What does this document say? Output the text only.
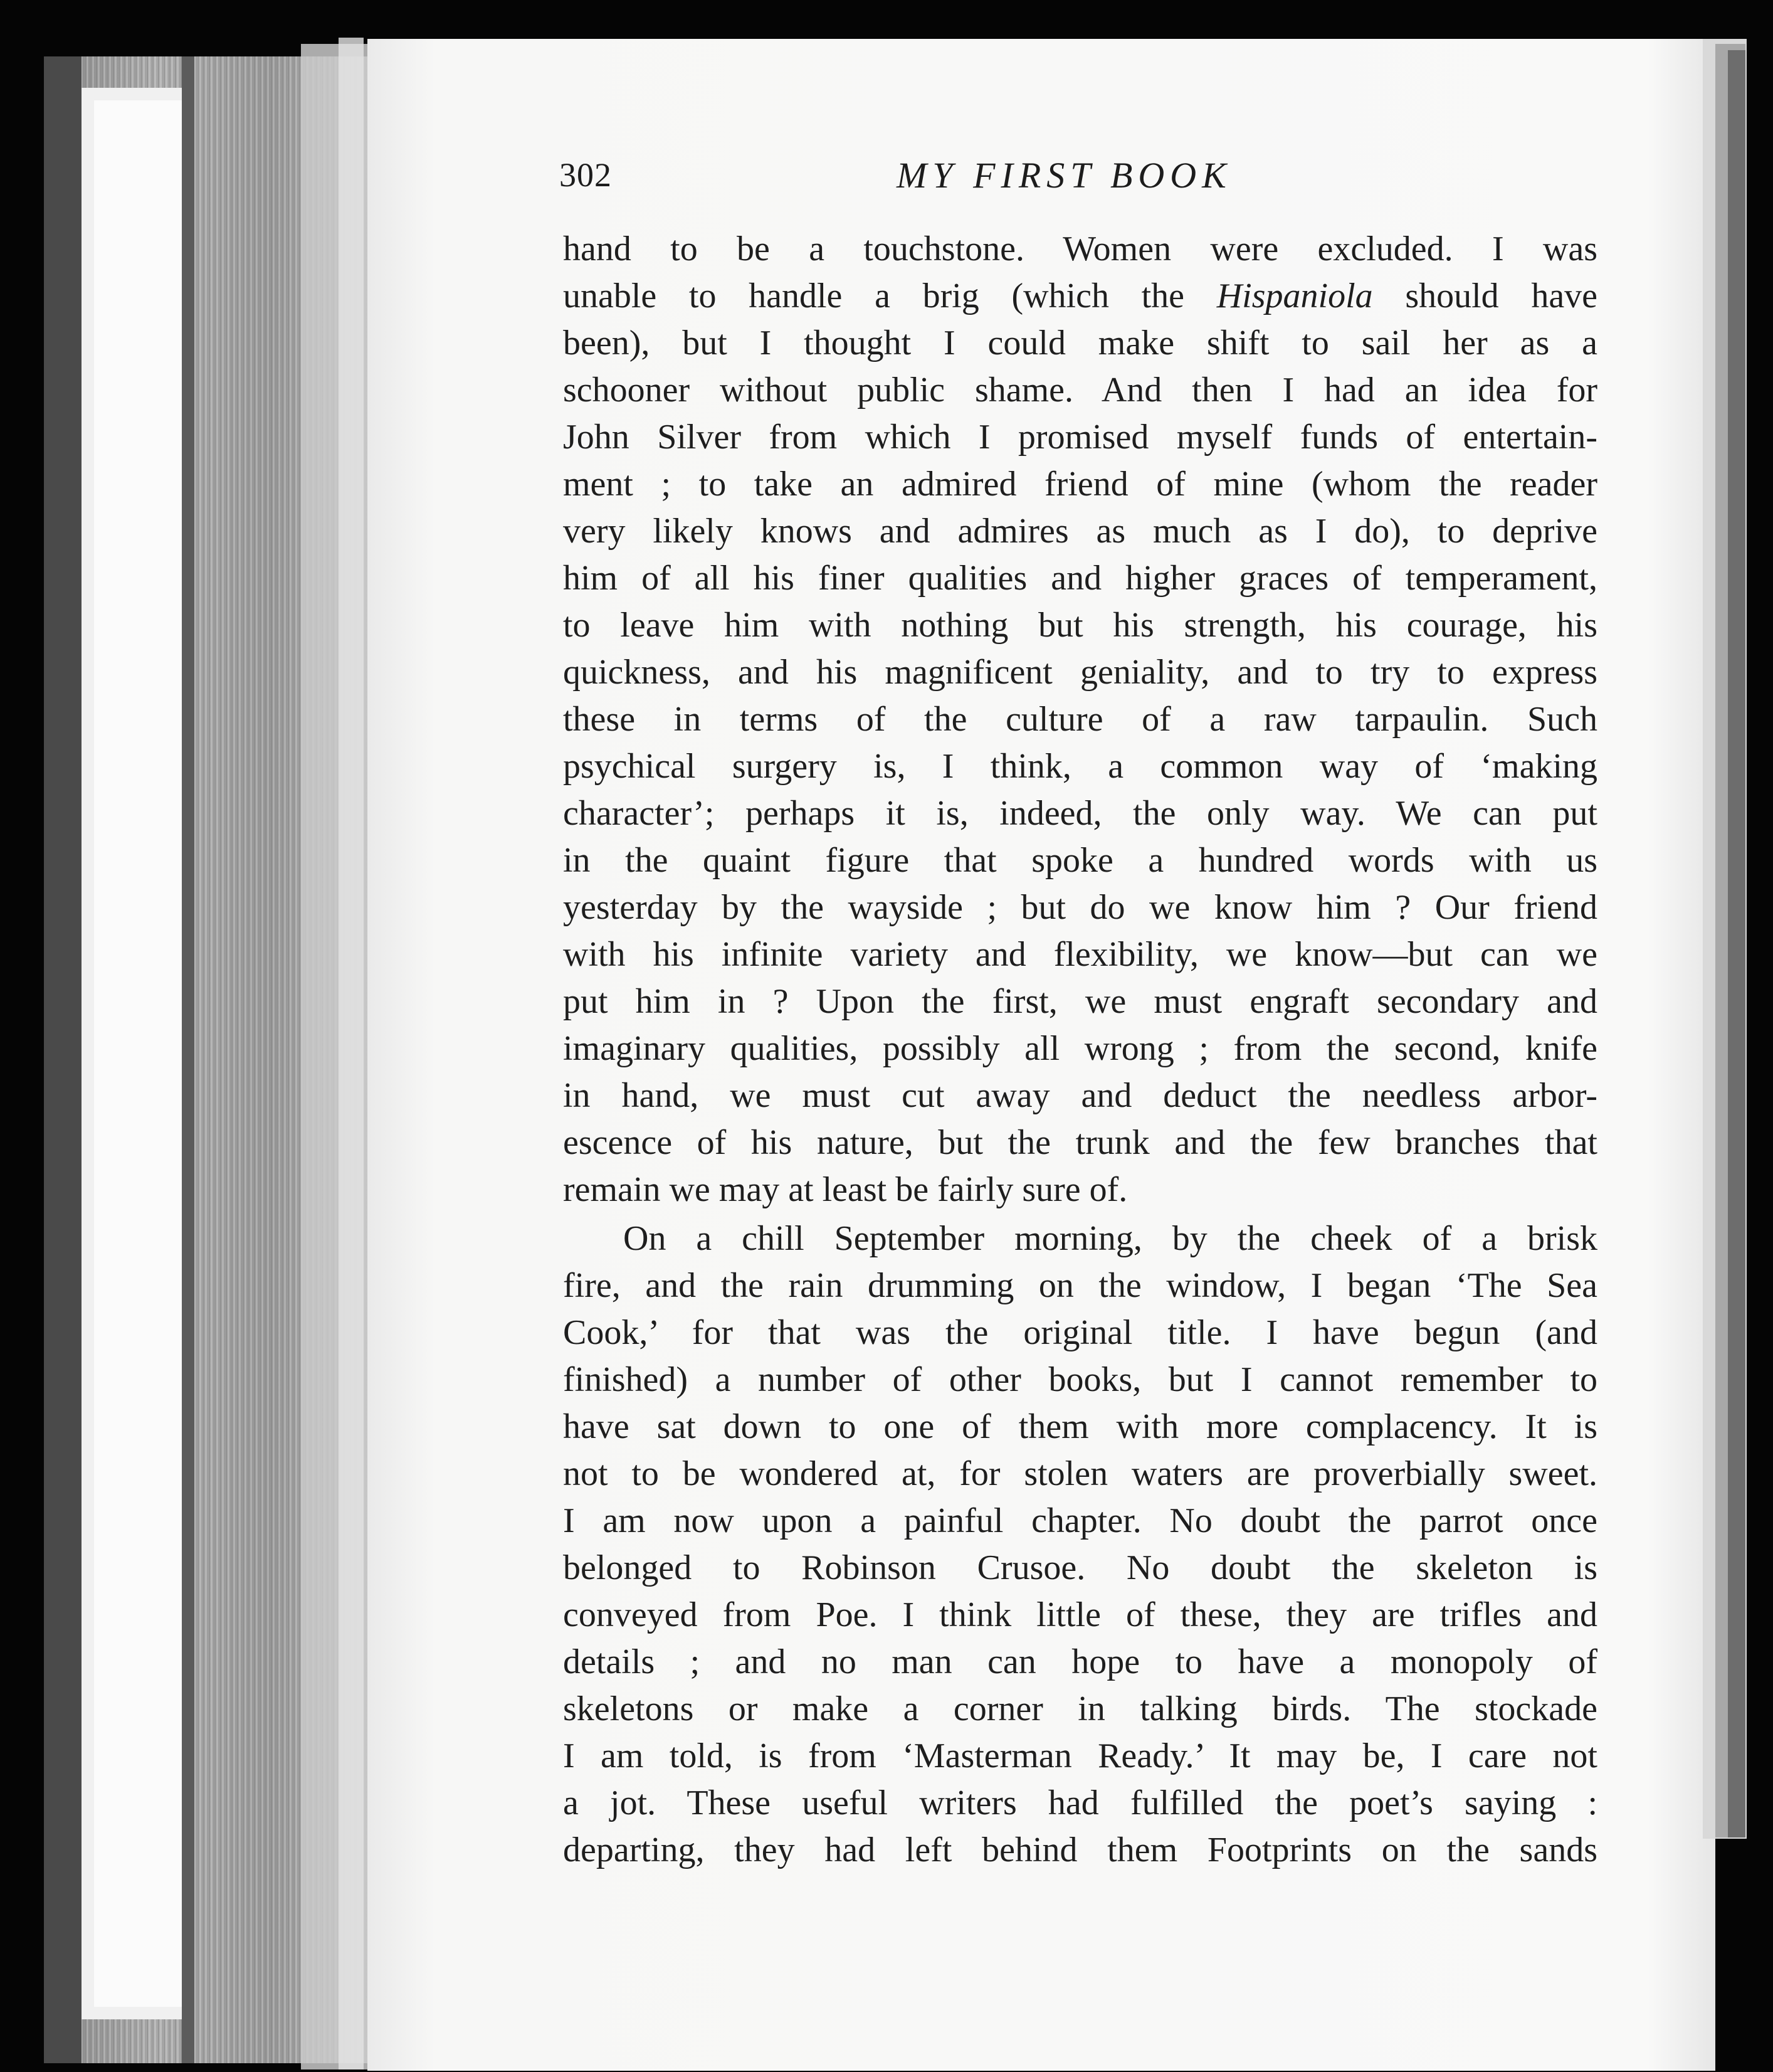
302	MY FIRST BOOK
hand to be a touchstone. Women were excluded. I was
unable to handle a brig (which the Hispaniola should have
been), but I thought I could make shift to sail her as a
schooner without public shame. And then I had an idea for
John Silver from which I promised myself funds of entertain-
ment ; to take an admired friend of mine (whom the reader
very likely knows and admires as much as I do), to deprive
him of all his finer qualities and higher graces of temperament,
to leave him with nothing but his strength, his courage, his
quickness, and his magnificent geniality, and to try to express
these in terms of the culture of a raw tarpaulin. Such
psychical surgery is, I think, a common way of ‘making
character’; perhaps it is, indeed, the only way. We can put
in the quaint figure that spoke a hundred words with us
yesterday by the wayside ; but do we know him ? Our friend
with his infinite variety and flexibility, we know—but can we
put him in ? Upon the first, we must engraft secondary and
imaginary qualities, possibly all wrong ; from the second, knife
in hand, we must cut away and deduct the needless arbor-
escence of his nature, but the trunk and the few branches that
remain we may at least be fairly sure of.
On a chill September morning, by the cheek of a brisk
fire, and the rain drumming on the window, I began ‘The Sea
Cook,’ for that was the original title. I have begun (and
finished) a number of other books, but I cannot remember to
have sat down to one of them with more complacency. It is
not to be wondered at, for stolen waters are proverbially sweet.
I am now upon a painful chapter. No doubt the parrot once
belonged to Robinson Crusoe. No doubt the skeleton is
conveyed from Poe. I think little of these, they are trifles and
details ; and no man can hope to have a monopoly of
skeletons or make a corner in talking birds. The stockade
I am told, is from ‘Masterman Ready.’ It may be, I care not
a jot. These useful writers had fulfilled the poet’s saying :
departing, they had left behind them Footprints on the sands
